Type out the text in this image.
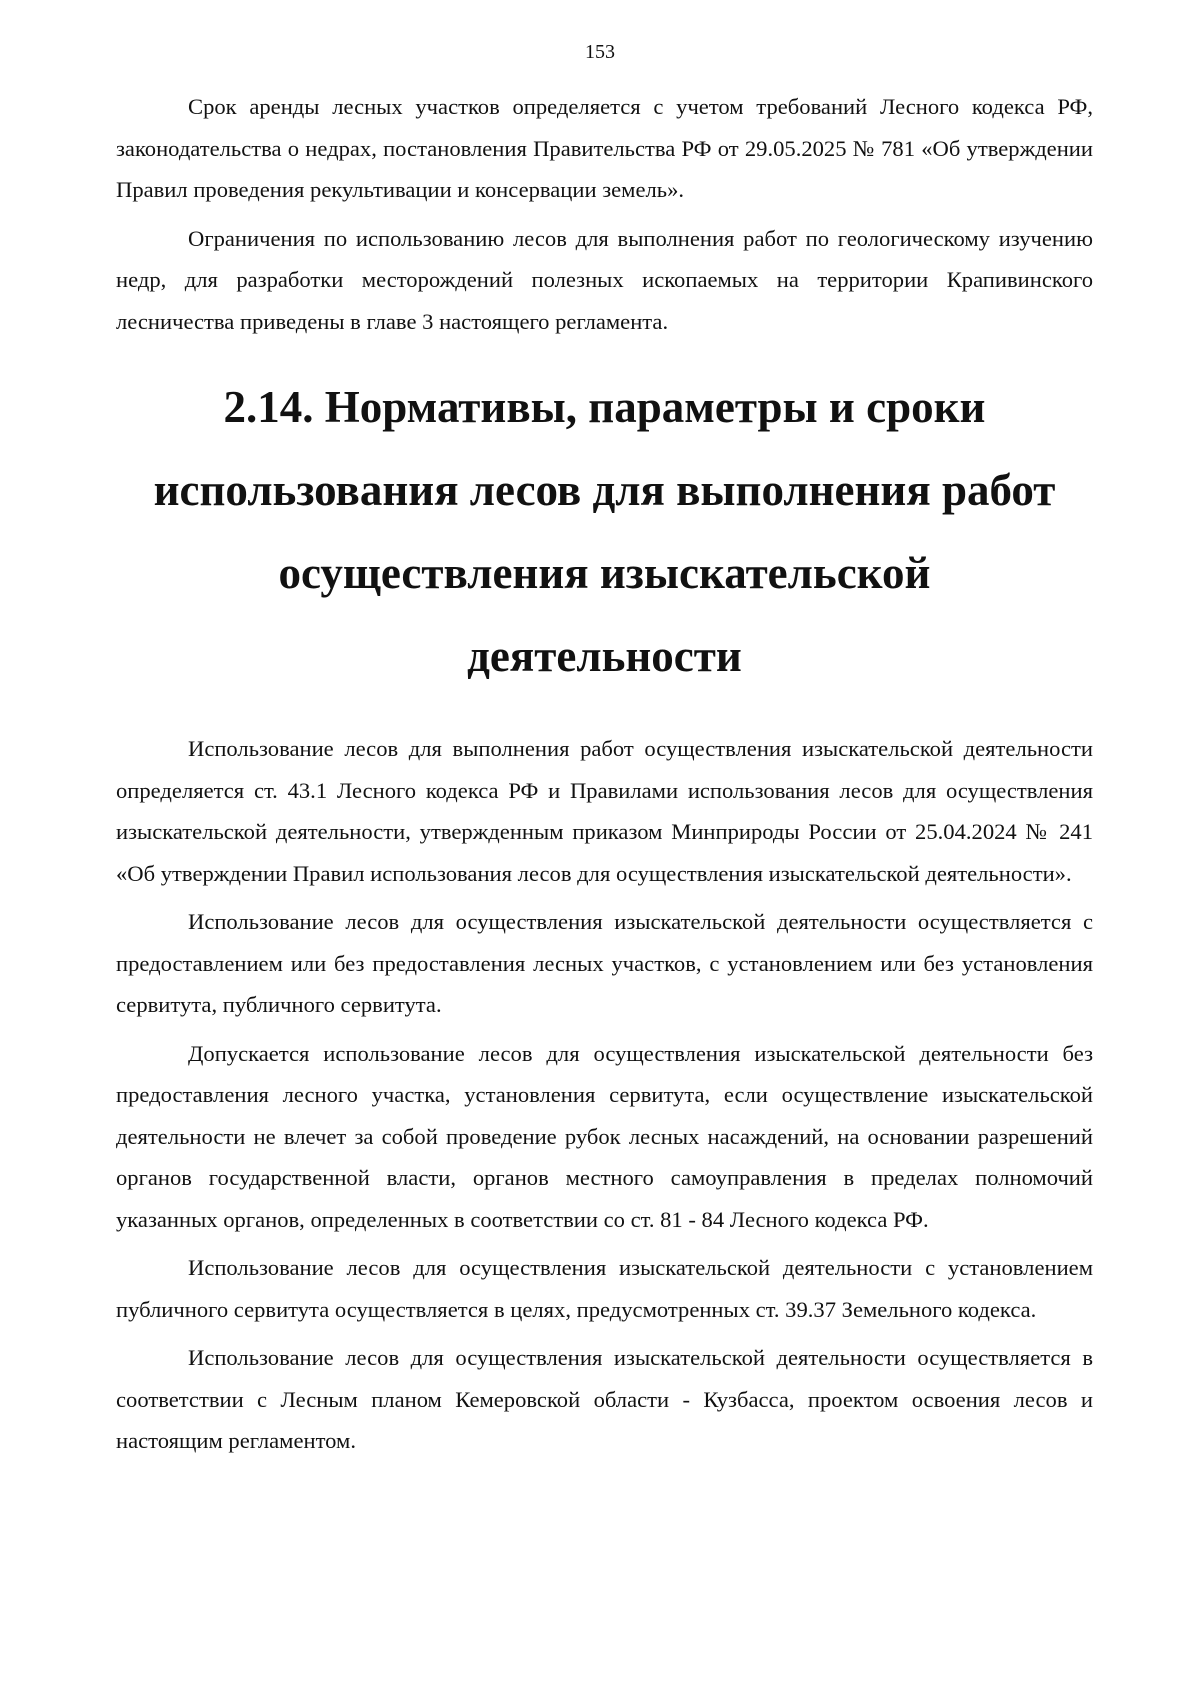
153

Срок аренды лесных участков определяется с учетом требований Лесного кодекса РФ, законодательства о недрах, постановления Правительства РФ от 29.05.2025 № 781 «Об утверждении Правил проведения рекультивации и консервации земель».

Ограничения по использованию лесов для выполнения работ по геологическому изучению недр, для разработки месторождений полезных ископаемых на территории Крапивинского лесничества приведены в главе 3 настоящего регламента.

2.14. Нормативы, параметры и сроки
использования лесов для выполнения работ
осуществления изыскательской
деятельности

Использование лесов для выполнения работ осуществления изыскательской деятельности определяется ст. 43.1 Лесного кодекса РФ и Правилами использования лесов для осуществления изыскательской деятельности, утвержденным приказом Минприроды России от 25.04.2024 № 241 «Об утверждении Правил использования лесов для осуществления изыскательской деятельности».

Использование лесов для осуществления изыскательской деятельности осуществляется с предоставлением или без предоставления лесных участков, с установлением или без установления сервитута, публичного сервитута.

Допускается использование лесов для осуществления изыскательской деятельности без предоставления лесного участка, установления сервитута, если осуществление изыскательской деятельности не влечет за собой проведение рубок лесных насаждений, на основании разрешений органов государственной власти, органов местного самоуправления в пределах полномочий указанных органов, определенных в соответствии со ст. 81 - 84 Лесного кодекса РФ.

Использование лесов для осуществления изыскательской деятельности с установлением публичного сервитута осуществляется в целях, предусмотренных ст. 39.37 Земельного кодекса.

Использование лесов для осуществления изыскательской деятельности осуществляется в соответствии с Лесным планом Кемеровской области - Кузбасса, проектом освоения лесов и настоящим регламентом.
